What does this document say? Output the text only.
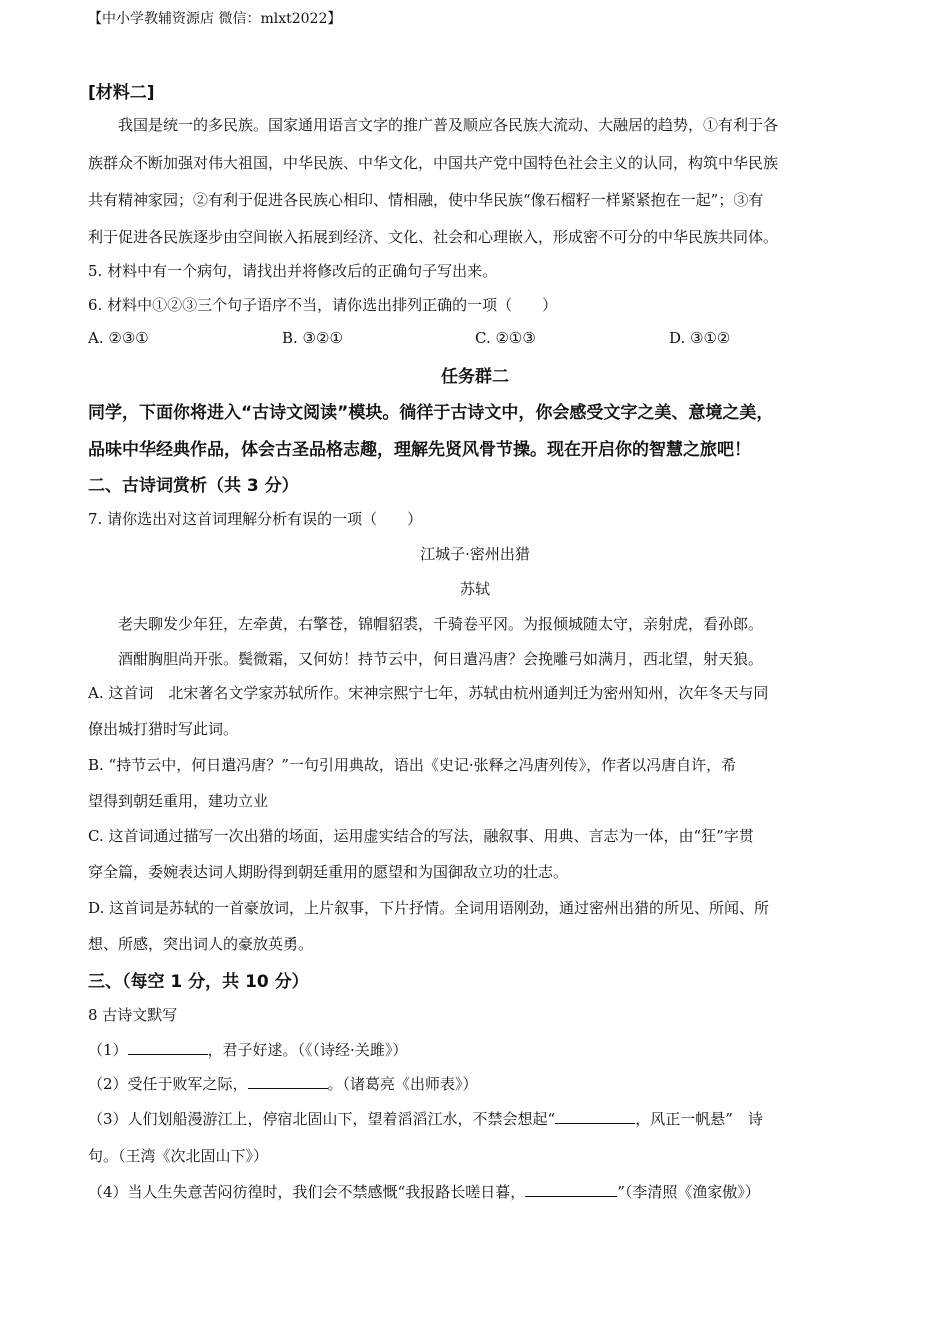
【中小学教辅资源店 微信：mlxt2022】
[材料二]
我国是统一的多民族。国家通用语言文字的推广普及顺应各民族大流动、大融居的趋势，①有利于各
族群众不断加强对伟大祖国，中华民族、中华文化，中国共产党中国特色社会主义的认同，构筑中华民族
共有精神家园；②有利于促进各民族心相印、情相融，使中华民族“像石榴籽一样紧紧抱在一起”；③有
利于促进各民族逐步由空间嵌入拓展到经济、文化、社会和心理嵌入，形成密不可分的中华民族共同体。
5. 材料中有一个病句，请找出并将修改后的正确句子写出来。
6. 材料中①②③三个句子语序不当，请你选出排列正确的一项（　　）
A. ②③①	B. ③②①	C. ②①③	D. ③①②
任务群二
同学，下面你将进入“古诗文阅读”模块。徜徉于古诗文中，你会感受文字之美、意境之美，
品味中华经典作品，体会古圣品格志趣，理解先贤风骨节操。现在开启你的智慧之旅吧！
二、古诗词赏析（共 3 分）
7. 请你选出对这首词理解分析有误的一项（　　）
江城子·密州出猎
苏轼
老夫聊发少年狂，左牵黄，右擎苍，锦帽貂裘，千骑卷平冈。为报倾城随太守，亲射虎，看孙郎。
酒酣胸胆尚开张。鬓微霜，又何妨！持节云中，何日遣冯唐？会挽雕弓如满月，西北望，射天狼。
A. 这首词　北宋著名文学家苏轼所作。宋神宗熙宁七年，苏轼由杭州通判迁为密州知州，次年冬天与同
僚出城打猎时写此词。
B. “持节云中，何日遣冯唐？”一句引用典故，语出《史记·张释之冯唐列传》，作者以冯唐自许，希
望得到朝廷重用，建功立业
C. 这首词通过描写一次出猎的场面，运用虚实结合的写法，融叙事、用典、言志为一体，由“狂”字贯
穿全篇，委婉表达词人期盼得到朝廷重用的愿望和为国御敌立功的壮志。
D. 这首词是苏轼的一首豪放词，上片叙事，下片抒情。全词用语刚劲，通过密州出猎的所见、所闻、所
想、所感，突出词人的豪放英勇。
三、（每空 1 分，共 10 分）
8 古诗文默写
（1）	，君子好逑。（《（诗经·关雎》）
（2）受任于败军之际，	。（诸葛亮《出师表》）
（3）人们划船漫游江上，停宿北固山下，望着滔滔江水，不禁会想起“	，风正一帆悬”　诗
句。（王湾《次北固山下》）
（4）当人生失意苦闷彷徨时，我们会不禁感慨“我报路长嗟日暮，	”（李清照《渔家傲》）
